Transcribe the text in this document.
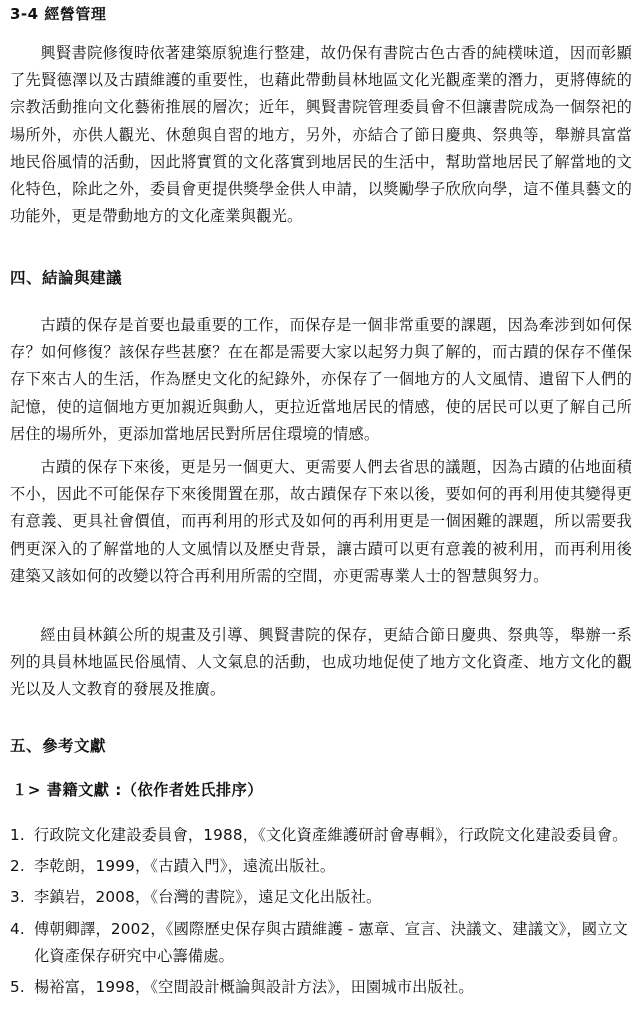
3-4 經營管理

興賢書院修復時依著建築原貌進行整建，故仍保有書院古色古香的純樸味道，因而彰顯了先賢德澤以及古蹟維護的重要性，也藉此帶動員林地區文化光觀產業的潛力，更將傳統的宗教活動推向文化藝術推展的層次；近年，興賢書院管理委員會不但讓書院成為一個祭祀的場所外，亦供人觀光、休憩與自習的地方，另外，亦結合了節日慶典、祭典等，舉辦具富當地民俗風情的活動，因此將實質的文化落實到地居民的生活中，幫助當地居民了解當地的文化特色，除此之外，委員會更提供獎學金供人申請，以獎勵學子欣欣向學，這不僅具藝文的功能外，更是帶動地方的文化產業與觀光。

四、結論與建議

古蹟的保存是首要也最重要的工作，而保存是一個非常重要的課題，因為牽涉到如何保存？如何修復？該保存些甚麼？在在都是需要大家以起努力與了解的，而古蹟的保存不僅保存下來古人的生活，作為歷史文化的紀錄外，亦保存了一個地方的人文風情、遺留下人們的記憶，使的這個地方更加親近與動人，更拉近當地居民的情感，使的居民可以更了解自己所居住的場所外，更添加當地居民對所居住環境的情感。

古蹟的保存下來後，更是另一個更大、更需要人們去省思的議題，因為古蹟的佔地面積不小，因此不可能保存下來後閒置在那，故古蹟保存下來以後，要如何的再利用使其變得更有意義、更具社會價值，而再利用的形式及如何的再利用更是一個困難的課題，所以需要我們更深入的了解當地的人文風情以及歷史背景，讓古蹟可以更有意義的被利用，而再利用後建築又該如何的改變以符合再利用所需的空間，亦更需專業人士的智慧與努力。

經由員林鎮公所的規畫及引導、興賢書院的保存，更結合節日慶典、祭典等，舉辦一系列的具員林地區民俗風情、人文氣息的活動，也成功地促使了地方文化資產、地方文化的觀光以及人文教育的發展及推廣。

五、參考文獻
１> 書籍文獻 :（依作者姓氏排序）
1. 行政院文化建設委員會，1988，《文化資產維護研討會專輯》，行政院文化建設委員會。
2. 李乾朗，1999，《古蹟入門》，遠流出版社。
3. 李鎮岩，2008，《台灣的書院》，遠足文化出版社。
4. 傅朝卿譯，2002，《國際歷史保存與古蹟維護 - 憲章、宣言、決議文、建議文》，國立文化資產保存研究中心籌備處。
5. 楊裕富，1998，《空間設計概論與設計方法》，田園城市出版社。
